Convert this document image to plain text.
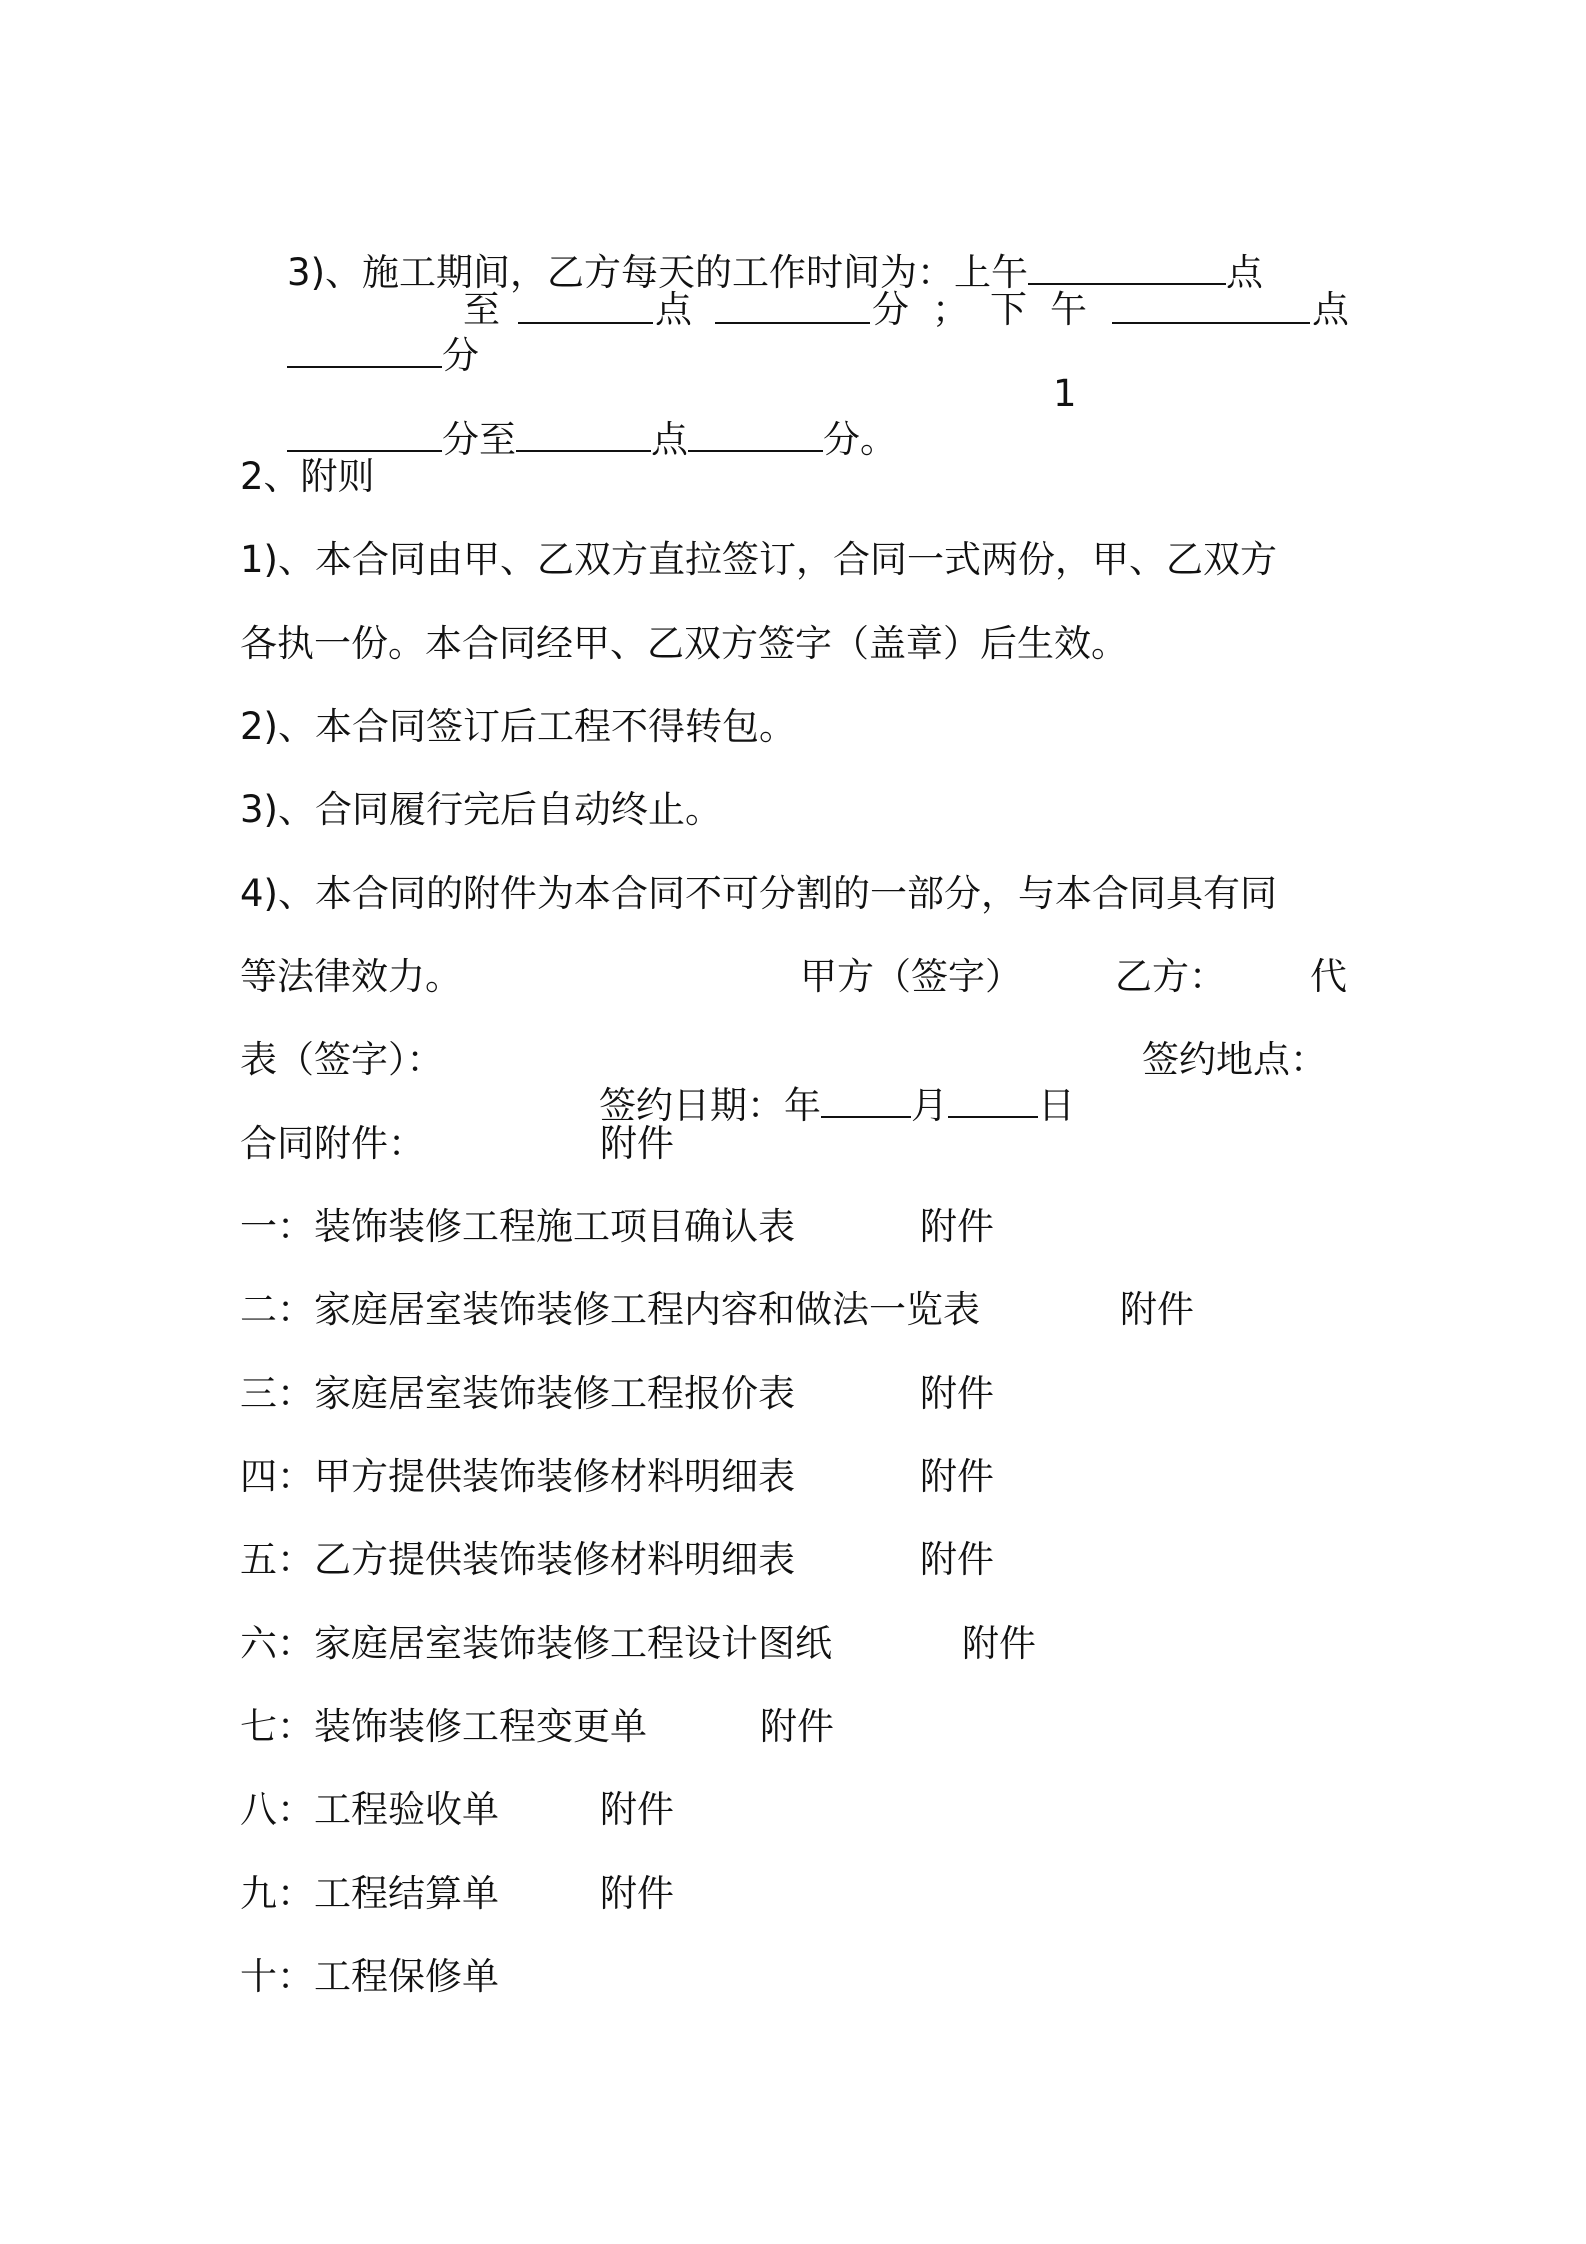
3)、施工期间，乙方每天的工作时间为：上午	点

分

至	点	分 ； 下 午	点

分至	点	分。

1
2、附则
1)、本合同由甲、乙双方直拉签订，合同一式两份，甲、乙双方
各执一份。本合同经甲、乙双方签字（盖章）后生效。
2)、本合同签订后工程不得转包。
3)、合同履行完后自动终止。
4)、本合同的附件为本合同不可分割的一部分，与本合同具有同
等法律效力。	甲方（签字）	乙方： 代
表（签字）：

签约日期：年 月 日

签约地点：
合同附件：	附件
一：装饰装修工程施工项目确认表	附件
二：家庭居室装饰装修工程内容和做法一览表	附件
三：家庭居室装饰装修工程报价表	附件
四：甲方提供装饰装修材料明细表	附件
五：乙方提供装饰装修材料明细表	附件
六：家庭居室装饰装修工程设计图纸	附件
七：装饰装修工程变更单	附件
八：工程验收单	附件
九：工程结算单	附件
十：工程保修单
